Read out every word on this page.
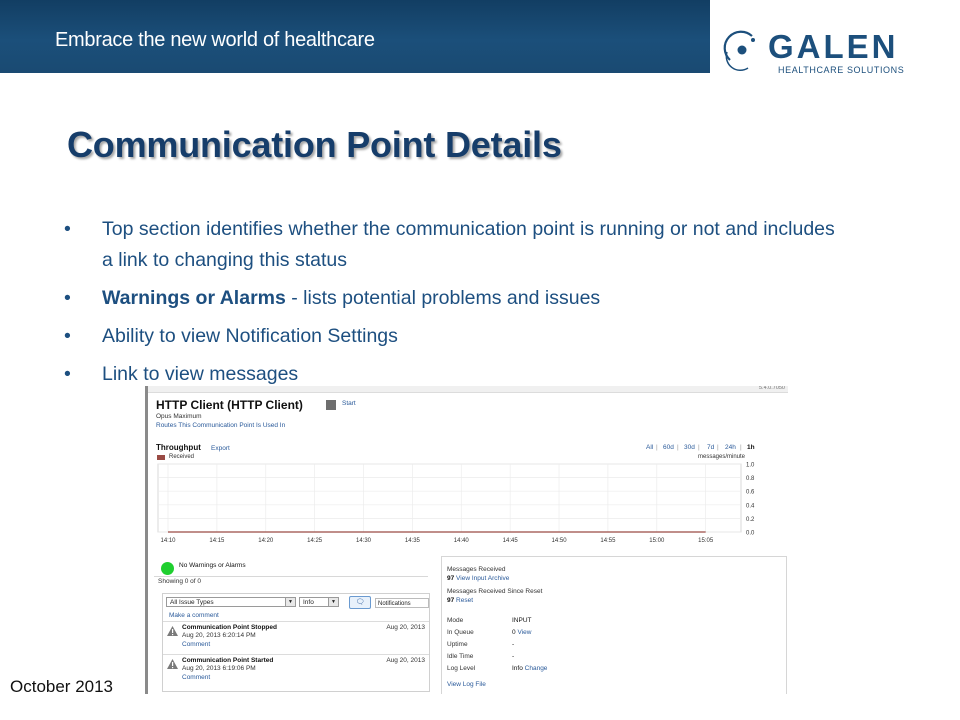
Embrace the new world of healthcare	GALEN
HEALTHCARE SOLUTIONS
Communication Point Details
• Top section identifies whether the communication point is running or not and includes a link to changing this status
• Warnings or Alarms - lists potential problems and issues
• Ability to view Notification Settings
• Link to view messages
5.4.0.7050
HTTP Client (HTTP Client)	Start
Opus Maximum
Routes This Communication Point Is Used In
Throughput Export	All | 60d | 30d | 7d | 24h | 1h
Received	messages/minute
1.0
0.8
0.6
0.4
0.2
0.0
14:10	14:15	14:20	14:25	14:30	14:35	14:40	14:45	14:50	14:55	15:00	15:05
No Warnings or Alarms
Showing 0 of 0
All Issue Types	▼	Info	▼	🗨	Notifications
Make a comment
Communication Point Stopped
Aug 20, 2013 6:20:14 PM
Comment
Aug 20, 2013
Communication Point Started
Aug 20, 2013 6:19:06 PM
Comment
Aug 20, 2013
Messages Received
97 View Input Archive
Messages Received Since Reset
97 Reset
Mode	INPUT
In Queue	0 View
Uptime	-
Idle Time	-
Log Level	Info Change
View Log File
October 2013
